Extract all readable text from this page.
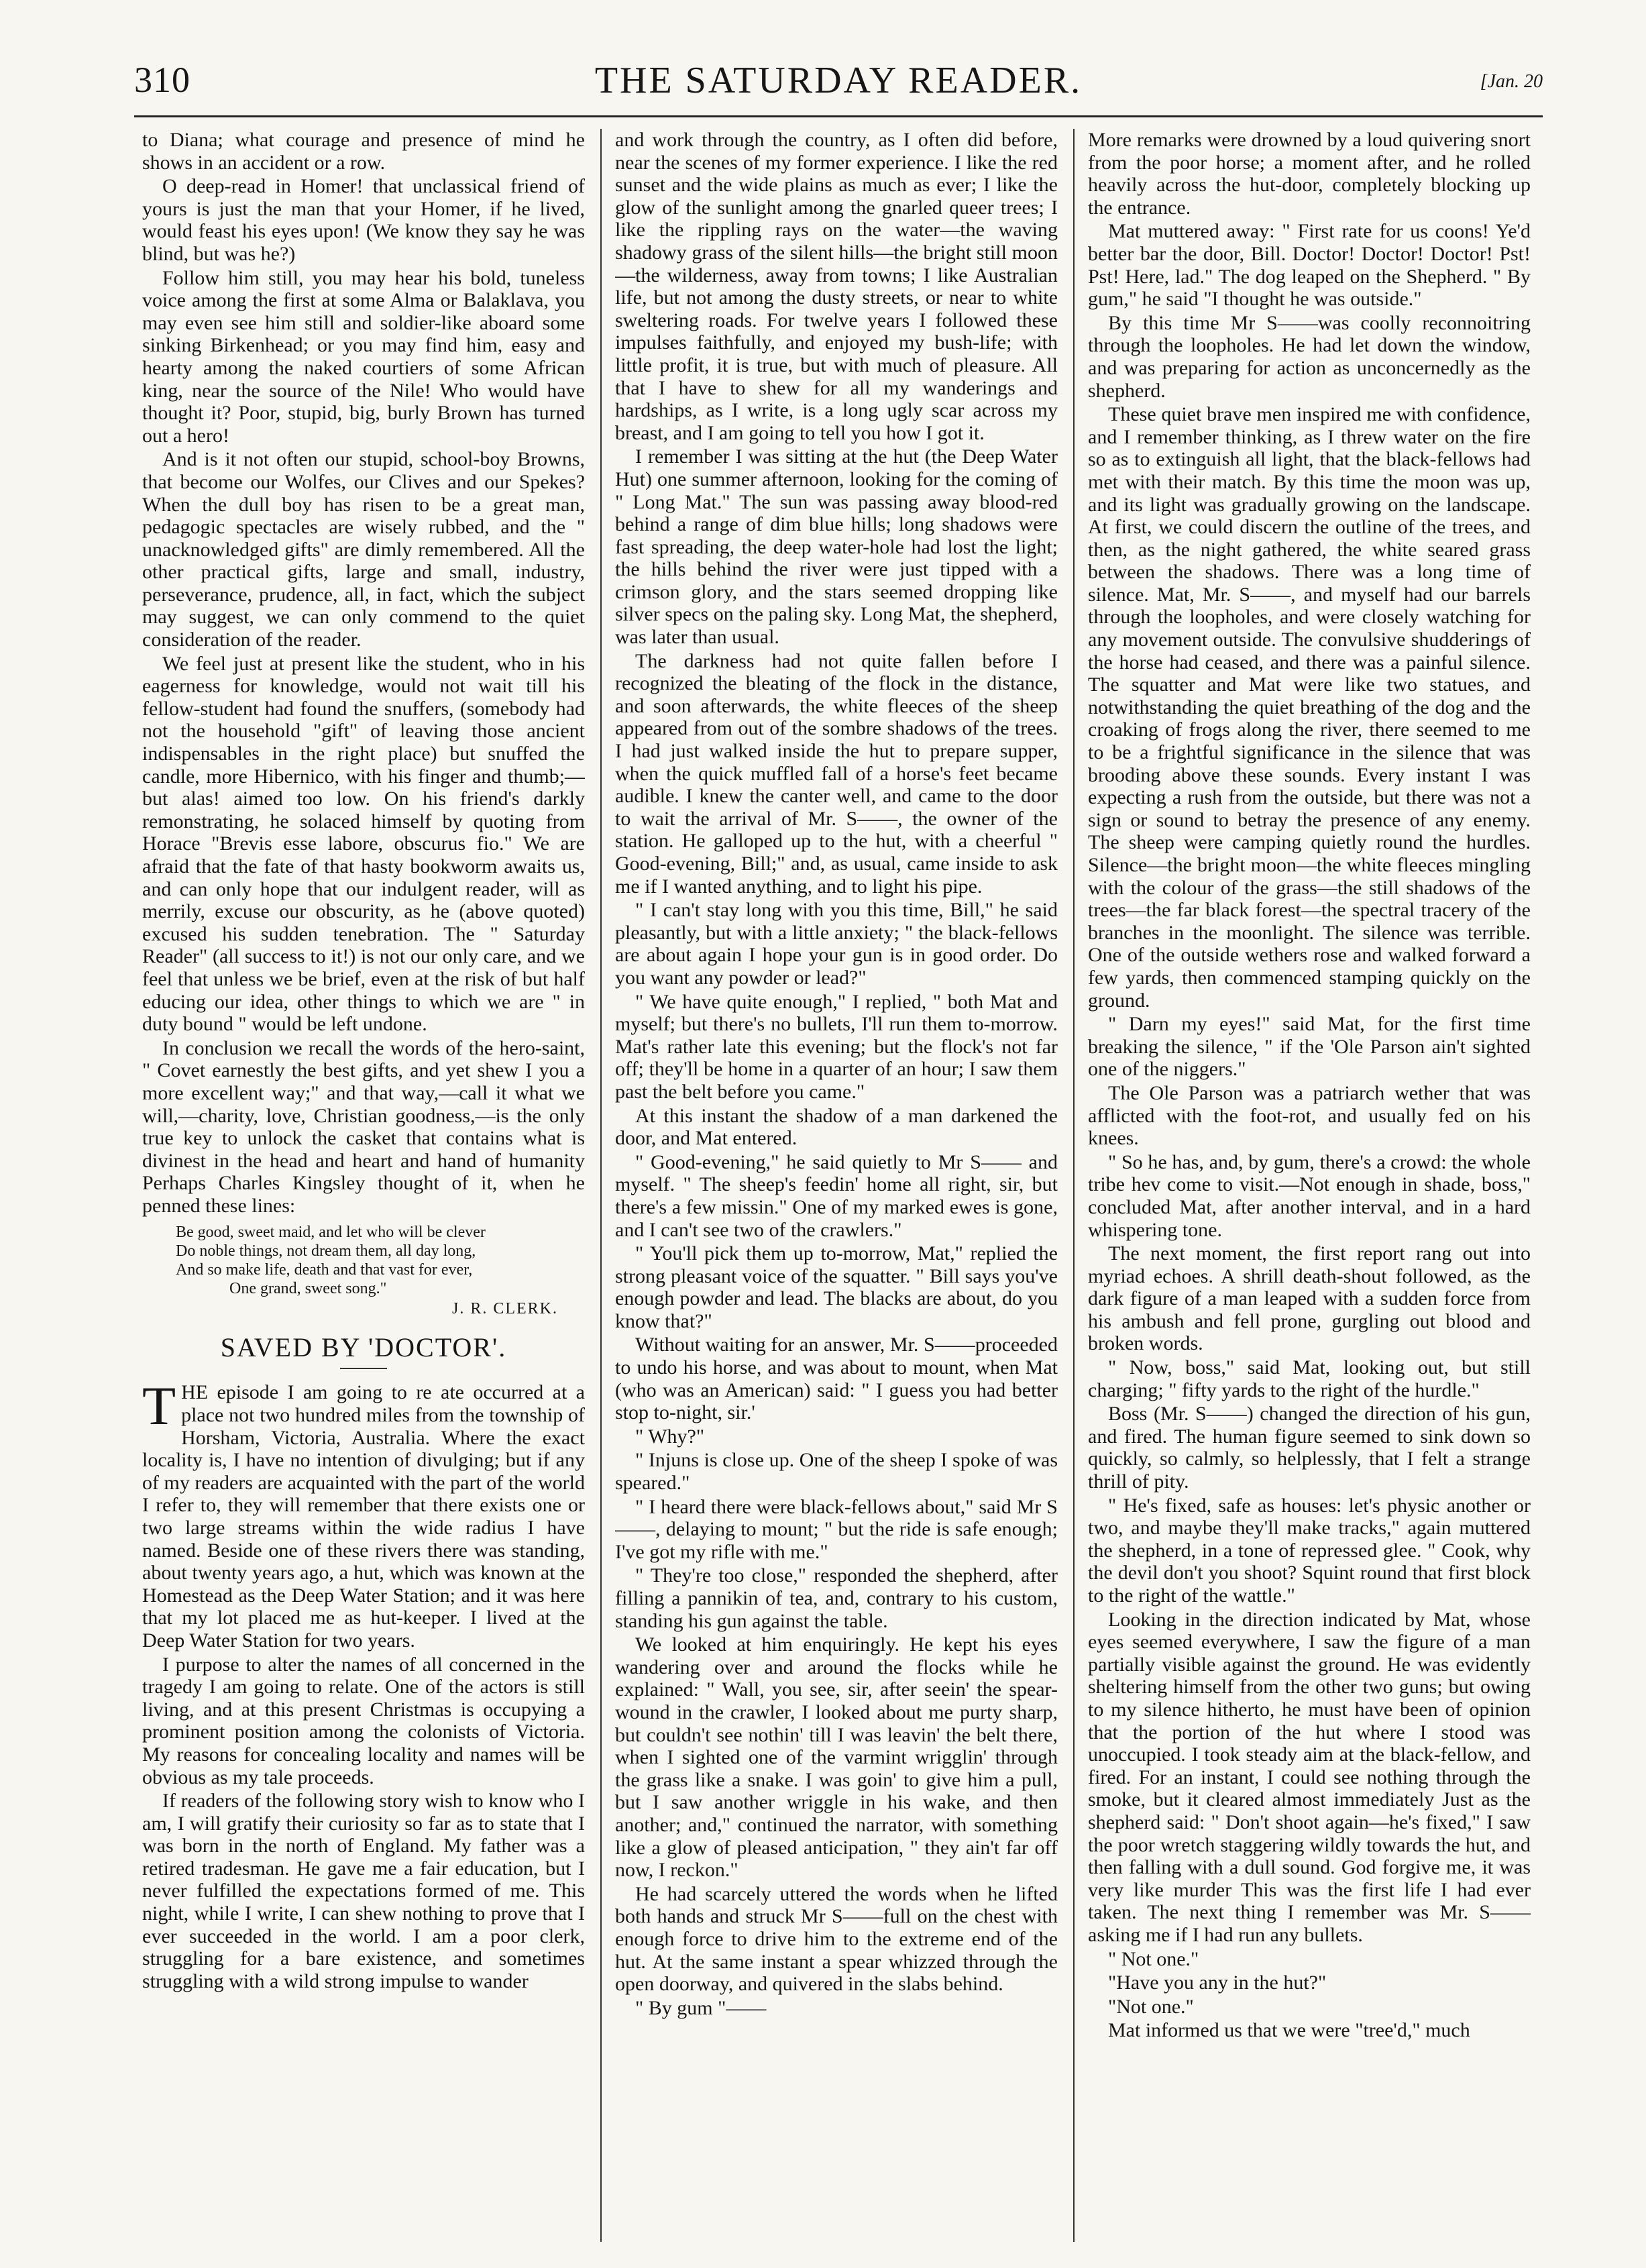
310	THE SATURDAY READER.	[Jan. 20

to Diana; what courage and presence of mind he shows in an accident or a row.

O deep-read in Homer! that unclassical friend of yours is just the man that your Homer, if he lived, would feast his eyes upon! (We know they say he was blind, but was he?)

Follow him still, you may hear his bold, tuneless voice among the first at some Alma or Balaklava, you may even see him still and soldier-like aboard some sinking Birkenhead; or you may find him, easy and hearty among the naked courtiers of some African king, near the source of the Nile! Who would have thought it? Poor, stupid, big, burly Brown has turned out a hero!

And is it not often our stupid, school-boy Browns, that become our Wolfes, our Clives and our Spekes? When the dull boy has risen to be a great man, pedagogic spectacles are wisely rubbed, and the " unacknowledged gifts" are dimly remembered. All the other practical gifts, large and small, industry, perseverance, prudence, all, in fact, which the subject may suggest, we can only commend to the quiet consideration of the reader.

We feel just at present like the student, who in his eagerness for knowledge, would not wait till his fellow-student had found the snuffers, (somebody had not the household "gift" of leaving those ancient indispensables in the right place) but snuffed the candle, more Hibernico, with his finger and thumb;—but alas! aimed too low. On his friend's darkly remonstrating, he solaced himself by quoting from Horace "Brevis esse labore, obscurus fio." We are afraid that the fate of that hasty bookworm awaits us, and can only hope that our indulgent reader, will as merrily, excuse our obscurity, as he (above quoted) excused his sudden tenebration. The " Saturday Reader" (all success to it!) is not our only care, and we feel that unless we be brief, even at the risk of but half educing our idea, other things to which we are " in duty bound " would be left undone.

In conclusion we recall the words of the hero-saint, " Covet earnestly the best gifts, and yet shew I you a more excellent way;" and that way,—call it what we will,—charity, love, Christian goodness,—is the only true key to unlock the casket that contains what is divinest in the head and heart and hand of humanity Perhaps Charles Kingsley thought of it, when he penned these lines:

Be good, sweet maid, and let who will be clever
Do noble things, not dream them, all day long,
And so make life, death and that vast for ever,
One grand, sweet song."
J. R. CLERK.
SAVED BY 'DOCTOR'.

THE episode I am going to re ate occurred at a place not two hundred miles from the township of Horsham, Victoria, Australia. Where the exact locality is, I have no intention of divulging; but if any of my readers are acquainted with the part of the world I refer to, they will remember that there exists one or two large streams within the wide radius I have named. Beside one of these rivers there was standing, about twenty years ago, a hut, which was known at the Homestead as the Deep Water Station; and it was here that my lot placed me as hut-keeper. I lived at the Deep Water Station for two years.

I purpose to alter the names of all concerned in the tragedy I am going to relate. One of the actors is still living, and at this present Christmas is occupying a prominent position among the colonists of Victoria. My reasons for concealing locality and names will be obvious as my tale proceeds.

If readers of the following story wish to know who I am, I will gratify their curiosity so far as to state that I was born in the north of England. My father was a retired tradesman. He gave me a fair education, but I never fulfilled the expectations formed of me. This night, while I write, I can shew nothing to prove that I ever succeeded in the world. I am a poor clerk, struggling for a bare existence, and sometimes struggling with a wild strong impulse to wander

and work through the country, as I often did before, near the scenes of my former experience. I like the red sunset and the wide plains as much as ever; I like the glow of the sunlight among the gnarled queer trees; I like the rippling rays on the water—the waving shadowy grass of the silent hills—the bright still moon—the wilderness, away from towns; I like Australian life, but not among the dusty streets, or near to white sweltering roads. For twelve years I followed these impulses faithfully, and enjoyed my bush-life; with little profit, it is true, but with much of pleasure. All that I have to shew for all my wanderings and hardships, as I write, is a long ugly scar across my breast, and I am going to tell you how I got it.

I remember I was sitting at the hut (the Deep Water Hut) one summer afternoon, looking for the coming of " Long Mat." The sun was passing away blood-red behind a range of dim blue hills; long shadows were fast spreading, the deep water-hole had lost the light; the hills behind the river were just tipped with a crimson glory, and the stars seemed dropping like silver specs on the paling sky. Long Mat, the shepherd, was later than usual.

The darkness had not quite fallen before I recognized the bleating of the flock in the distance, and soon afterwards, the white fleeces of the sheep appeared from out of the sombre shadows of the trees. I had just walked inside the hut to prepare supper, when the quick muffled fall of a horse's feet became audible. I knew the canter well, and came to the door to wait the arrival of Mr. S——, the owner of the station. He galloped up to the hut, with a cheerful " Good-evening, Bill;" and, as usual, came inside to ask me if I wanted anything, and to light his pipe.

" I can't stay long with you this time, Bill," he said pleasantly, but with a little anxiety; " the black-fellows are about again I hope your gun is in good order. Do you want any powder or lead?"

" We have quite enough," I replied, " both Mat and myself; but there's no bullets, I'll run them to-morrow. Mat's rather late this evening; but the flock's not far off; they'll be home in a quarter of an hour; I saw them past the belt before you came."

At this instant the shadow of a man darkened the door, and Mat entered.

" Good-evening," he said quietly to Mr S—— and myself. " The sheep's feedin' home all right, sir, but there's a few missin." One of my marked ewes is gone, and I can't see two of the crawlers."

" You'll pick them up to-morrow, Mat," replied the strong pleasant voice of the squatter. " Bill says you've enough powder and lead. The blacks are about, do you know that?"

Without waiting for an answer, Mr. S——proceeded to undo his horse, and was about to mount, when Mat (who was an American) said: " I guess you had better stop to-night, sir.'

" Why?"

" Injuns is close up. One of the sheep I spoke of was speared."

" I heard there were black-fellows about," said Mr S——, delaying to mount; " but the ride is safe enough; I've got my rifle with me."

" They're too close," responded the shepherd, after filling a pannikin of tea, and, contrary to his custom, standing his gun against the table.

We looked at him enquiringly. He kept his eyes wandering over and around the flocks while he explained: " Wall, you see, sir, after seein' the spear-wound in the crawler, I looked about me purty sharp, but couldn't see nothin' till I was leavin' the belt there, when I sighted one of the varmint wrigglin' through the grass like a snake. I was goin' to give him a pull, but I saw another wriggle in his wake, and then another; and," continued the narrator, with something like a glow of pleased anticipation, " they ain't far off now, I reckon."

He had scarcely uttered the words when he lifted both hands and struck Mr S——full on the chest with enough force to drive him to the extreme end of the hut. At the same instant a spear whizzed through the open doorway, and quivered in the slabs behind.

" By gum "——

More remarks were drowned by a loud quivering snort from the poor horse; a moment after, and he rolled heavily across the hut-door, completely blocking up the entrance.

Mat muttered away: " First rate for us coons! Ye'd better bar the door, Bill. Doctor! Doctor! Doctor! Pst! Pst! Here, lad." The dog leaped on the Shepherd. " By gum," he said "I thought he was outside."

By this time Mr S——was coolly reconnoitring through the loopholes. He had let down the window, and was preparing for action as unconcernedly as the shepherd.

These quiet brave men inspired me with confidence, and I remember thinking, as I threw water on the fire so as to extinguish all light, that the black-fellows had met with their match. By this time the moon was up, and its light was gradually growing on the landscape. At first, we could discern the outline of the trees, and then, as the night gathered, the white seared grass between the shadows. There was a long time of silence. Mat, Mr. S——, and myself had our barrels through the loopholes, and were closely watching for any movement outside. The convulsive shudderings of the horse had ceased, and there was a painful silence. The squatter and Mat were like two statues, and notwithstanding the quiet breathing of the dog and the croaking of frogs along the river, there seemed to me to be a frightful significance in the silence that was brooding above these sounds. Every instant I was expecting a rush from the outside, but there was not a sign or sound to betray the presence of any enemy. The sheep were camping quietly round the hurdles. Silence—the bright moon—the white fleeces mingling with the colour of the grass—the still shadows of the trees—the far black forest—the spectral tracery of the branches in the moonlight. The silence was terrible. One of the outside wethers rose and walked forward a few yards, then commenced stamping quickly on the ground.

" Darn my eyes!" said Mat, for the first time breaking the silence, " if the 'Ole Parson ain't sighted one of the niggers."

The Ole Parson was a patriarch wether that was afflicted with the foot-rot, and usually fed on his knees.

" So he has, and, by gum, there's a crowd: the whole tribe hev come to visit.—Not enough in shade, boss," concluded Mat, after another interval, and in a hard whispering tone.

The next moment, the first report rang out into myriad echoes. A shrill death-shout followed, as the dark figure of a man leaped with a sudden force from his ambush and fell prone, gurgling out blood and broken words.

" Now, boss," said Mat, looking out, but still charging; " fifty yards to the right of the hurdle."

Boss (Mr. S——) changed the direction of his gun, and fired. The human figure seemed to sink down so quickly, so calmly, so helplessly, that I felt a strange thrill of pity.

" He's fixed, safe as houses: let's physic another or two, and maybe they'll make tracks," again muttered the shepherd, in a tone of repressed glee. " Cook, why the devil don't you shoot? Squint round that first block to the right of the wattle."

Looking in the direction indicated by Mat, whose eyes seemed everywhere, I saw the figure of a man partially visible against the ground. He was evidently sheltering himself from the other two guns; but owing to my silence hitherto, he must have been of opinion that the portion of the hut where I stood was unoccupied. I took steady aim at the black-fellow, and fired. For an instant, I could see nothing through the smoke, but it cleared almost immediately Just as the shepherd said: " Don't shoot again—he's fixed," I saw the poor wretch staggering wildly towards the hut, and then falling with a dull sound. God forgive me, it was very like murder This was the first life I had ever taken. The next thing I remember was Mr. S—— asking me if I had run any bullets.

" Not one."

"Have you any in the hut?"

"Not one."

Mat informed us that we were "tree'd," much
